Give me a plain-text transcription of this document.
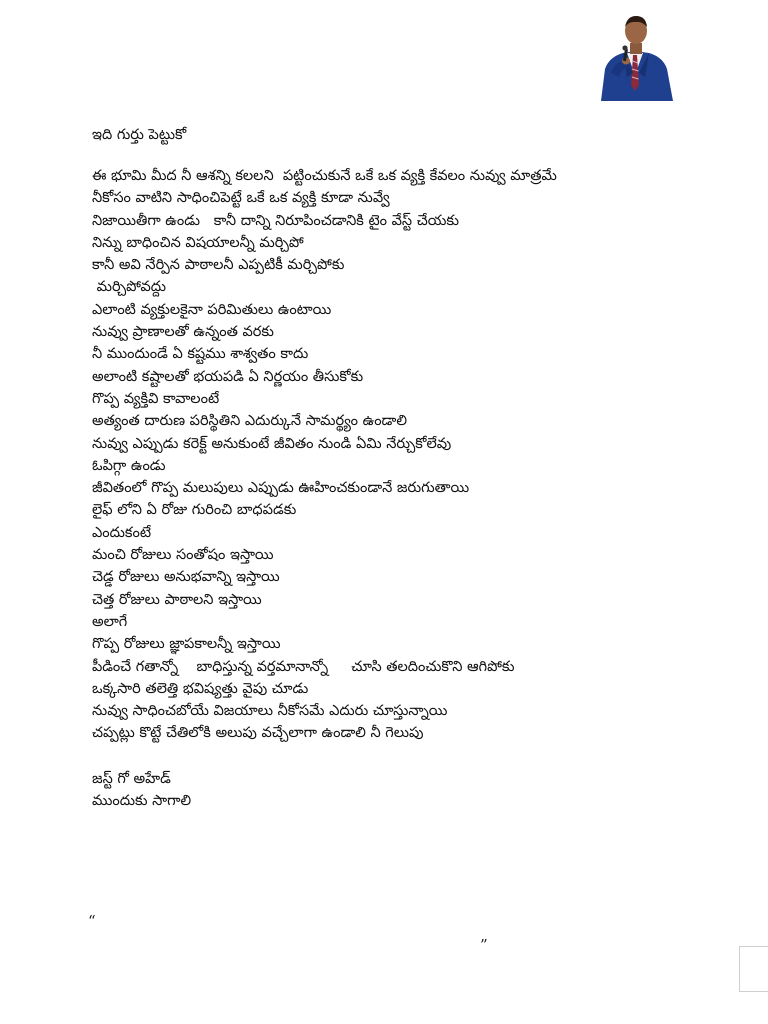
ఇది గుర్తు పెట్టుకో
ఈ భూమి మీద నీ ఆశన్ని కలలని  పట్టించుకునే ఒకే ఒక వ్యక్తి కేవలం నువ్వు మాత్రమే
నీకోసం వాటిని సాధించిపెట్టే ఒకే ఒక వ్యక్తి కూడా నువ్వే
నిజాయితీగా ఉండు   కానీ దాన్ని నిరూపించడానికి టైం వేస్ట్ చేయకు
నిన్ను బాధించిన విషయాలన్నీ మర్చిపో
కానీ అవి నేర్పిన పాఠాలనీ ఎప్పటికీ మర్చిపోకు
మర్చిపోవద్దు
ఎలాంటి వ్యక్తులకైనా పరిమితులు ఉంటాయి
నువ్వు ప్రాణాలతో ఉన్నంత వరకు
నీ ముందుండే ఏ కష్టము శాశ్వతం కాదు
అలాంటి కష్టాలతో భయపడి ఏ నిర్ణయం తీసుకోకు
గొప్ప వ్యక్తివి కావాలంటే
అత్యంత దారుణ పరిస్థితిని ఎదుర్కునే సామర్థ్యం ఉండాలి
నువ్వు ఎప్పుడు కరెక్ట్ అనుకుంటే జీవితం నుండి ఏమి నేర్చుకోలేవు
ఓపిగ్గా ఉండు
జీవితంలో గొప్ప మలుపులు ఎప్పుడు ఊహించకుండానే జరుగుతాయి
లైఫ్ లోని ఏ రోజు గురించి బాధపడకు
ఎందుకంటే
మంచి రోజులు సంతోషం ఇస్తాయి
చెడ్డ రోజులు అనుభవాన్ని ఇస్తాయి
చెత్త రోజులు పాఠాలని ఇస్తాయి
అలాగే
గొప్ప రోజులు జ్ఞాపకాలన్నీ ఇస్తాయి
పీడించే గతాన్నో    బాధిస్తున్న వర్తమానాన్నో     చూసి తలదించుకొని ఆగిపోకు
ఒక్కసారి తలెత్తి భవిష్యత్తు వైపు చూడు
నువ్వు సాధించబోయే విజయాలు నీకోసమే ఎదురు చూస్తున్నాయి
చప్పట్లు కొట్టే చేతిలోకి అలుపు వచ్చేలాగా ఉండాలి నీ గెలుపు
జస్ట్ గో అహేడ్
ముందుకు సాగాలి
“
”
